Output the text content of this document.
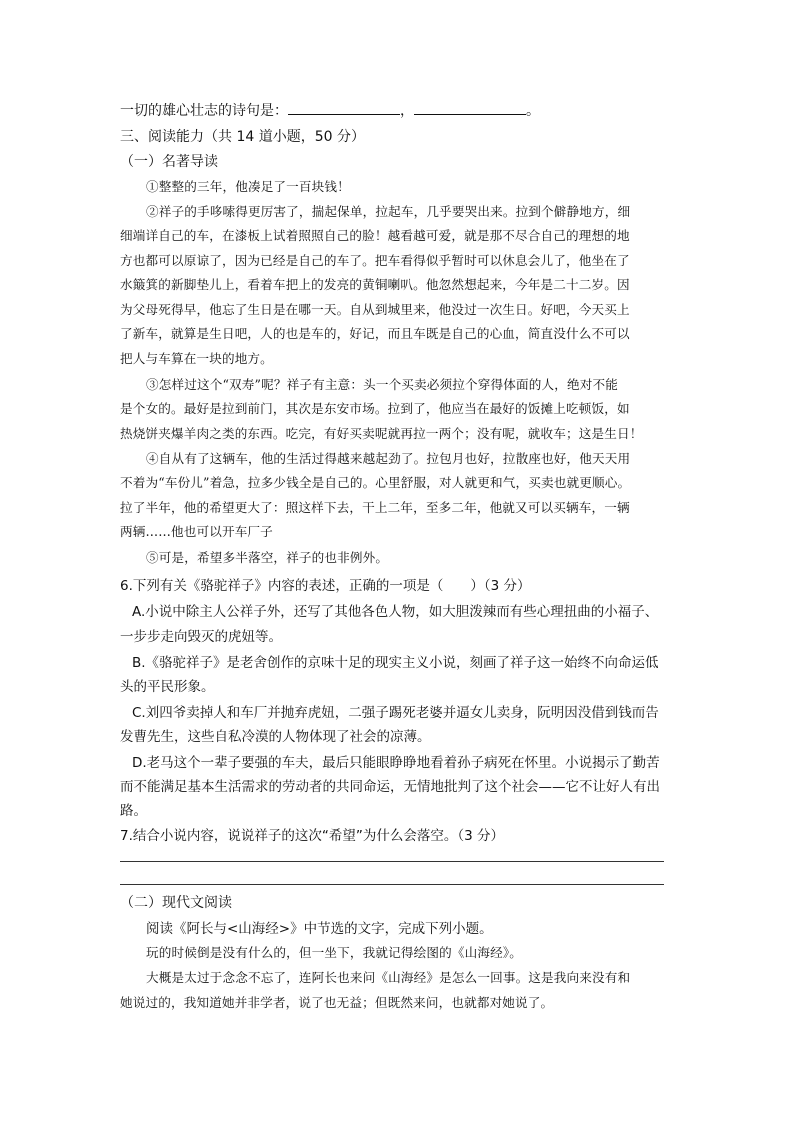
一切的雄心壮志的诗句是：	，	。
三、阅读能力（共 14 道小题，50 分）
（一）名著导读
①整整的三年，他凑足了一百块钱！
②祥子的手哆嗦得更厉害了，揣起保单，拉起车，几乎要哭出来。拉到个僻静地方，细
细端详自己的车，在漆板上试着照照自己的脸！越看越可爱，就是那不尽合自己的理想的地
方也都可以原谅了，因为已经是自己的车了。把车看得似乎暂时可以休息会儿了，他坐在了
水簸箕的新脚垫儿上，看着车把上的发亮的黄铜喇叭。他忽然想起来，今年是二十二岁。因
为父母死得早，他忘了生日是在哪一天。自从到城里来，他没过一次生日。好吧，今天买上
了新车，就算是生日吧，人的也是车的，好记，而且车既是自己的心血，简直没什么不可以
把人与车算在一块的地方。
③怎样过这个“双寿”呢？祥子有主意：头一个买卖必须拉个穿得体面的人，绝对不能
是个女的。最好是拉到前门，其次是东安市场。拉到了，他应当在最好的饭摊上吃顿饭，如
热烧饼夹爆羊肉之类的东西。吃完，有好买卖呢就再拉一两个；没有呢，就收车；这是生日！
④自从有了这辆车，他的生活过得越来越起劲了。拉包月也好，拉散座也好，他天天用
不着为“车份儿”着急，拉多少钱全是自己的。心里舒服，对人就更和气，买卖也就更顺心。
拉了半年，他的希望更大了：照这样下去，干上二年，至多二年，他就又可以买辆车，一辆
两辆……他也可以开车厂子
⑤可是，希望多半落空，祥子的也非例外。
6.下列有关《骆驼祥子》内容的表述，正确的一项是（　　）（3 分）
A.小说中除主人公祥子外，还写了其他各色人物，如大胆泼辣而有些心理扭曲的小福子、
一步步走向毁灭的虎妞等。
B.《骆驼祥子》是老舍创作的京味十足的现实主义小说，刻画了祥子这一始终不向命运低
头的平民形象。
C.刘四爷卖掉人和车厂并抛弃虎妞，二强子踢死老婆并逼女儿卖身，阮明因没借到钱而告
发曹先生，这些自私冷漠的人物体现了社会的凉薄。
D.老马这个一辈子要强的车夫，最后只能眼睁睁地看着孙子病死在怀里。小说揭示了勤苦
而不能满足基本生活需求的劳动者的共同命运，无情地批判了这个社会——它不让好人有出
路。
7.结合小说内容，说说祥子的这次“希望”为什么会落空。（3 分）
（二）现代文阅读
阅读《阿长与<山海经>》中节选的文字，完成下列小题。
玩的时候倒是没有什么的，但一坐下，我就记得绘图的《山海经》。
大概是太过于念念不忘了，连阿长也来问《山海经》是怎么一回事。这是我向来没有和
她说过的，我知道她并非学者，说了也无益；但既然来问，也就都对她说了。
